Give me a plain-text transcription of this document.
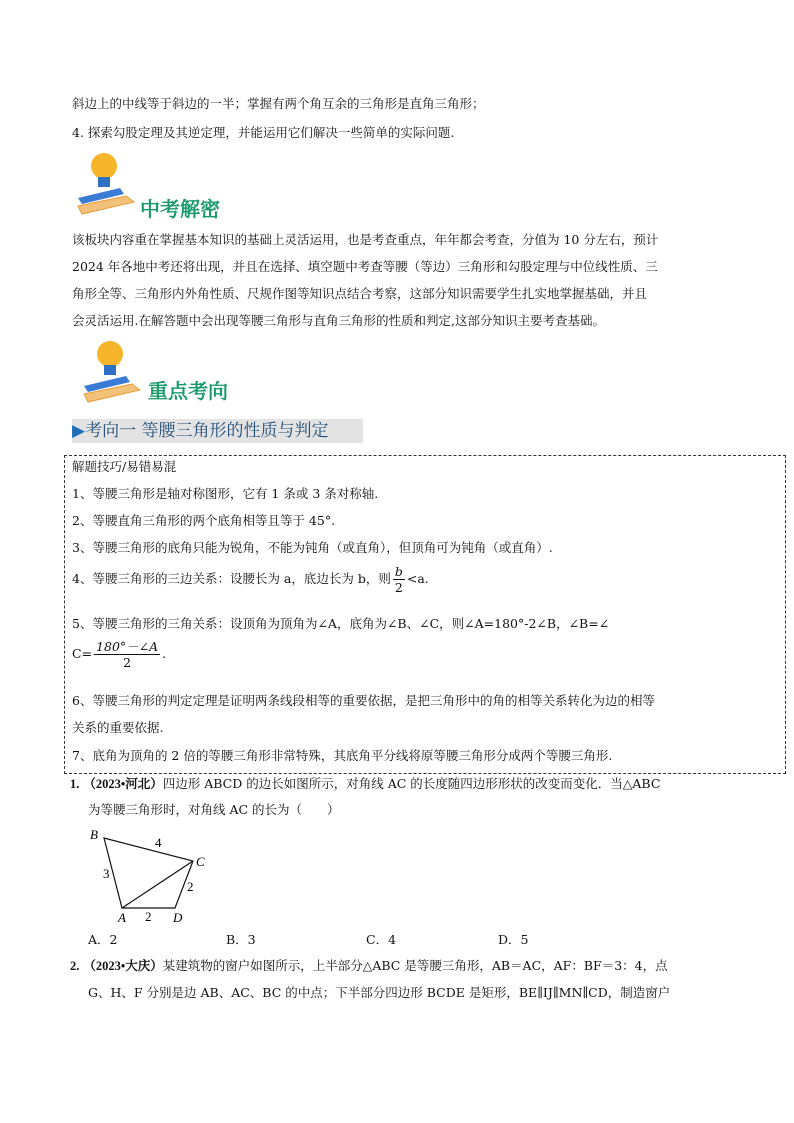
斜边上的中线等于斜边的一半；掌握有两个角互余的三角形是直角三角形；
4. 探索勾股定理及其逆定理，并能运用它们解决一些简单的实际问题.
中考解密
该板块内容重在掌握基本知识的基础上灵活运用，也是考查重点，年年都会考查，分值为 10 分左右，预计
2024 年各地中考还将出现，并且在选择、填空题中考查等腰（等边）三角形和勾股定理与中位线性质、三
角形全等、三角形内外角性质、尺规作图等知识点结合考察，这部分知识需要学生扎实地掌握基础，并且
会灵活运用.在解答题中会出现等腰三角形与直角三角形的性质和判定,这部分知识主要考查基础。
重点考向
▶考向一 等腰三角形的性质与判定
解题技巧/易错易混
1、等腰三角形是轴对称图形，它有 1 条或 3 条对称轴.
2、等腰直角三角形的两个底角相等且等于 45°.
3、等腰三角形的底角只能为锐角，不能为钝角（或直角），但顶角可为钝角（或直角）.
4、等腰三角形的三边关系：设腰长为 a，底边长为 b，则 $\frac{b}{2} <a$.
5、等腰三角形的三角关系：设顶角为顶角为∠A，底角为∠B、∠C，则∠A=180°-2∠B，∠B=∠
$C= \frac{180^\circ-\angle A}{2}$ .
6、等腰三角形的判定定理是证明两条线段相等的重要依据，是把三角形中的角的相等关系转化为边的相等
关系的重要依据.
7、底角为顶角的 2 倍的等腰三角形非常特殊，其底角平分线将原等腰三角形分成两个等腰三角形.
1. （2023•河北）四边形 ABCD 的边长如图所示，对角线 AC 的长度随四边形形状的改变而变化．当△ABC
为等腰三角形时，对角线 AC 的长为（　　）
B
C
A	D
4
3
2
2
A．2	B．3	C．4	D．5
2. （2023•大庆）某建筑物的窗户如图所示，上半部分△ABC 是等腰三角形，AB＝AC，AF：BF＝3：4，点
G、H、F 分别是边 AB、AC、BC 的中点；下半部分四边形 BCDE 是矩形，BE∥IJ∥MN∥CD，制造窗户
